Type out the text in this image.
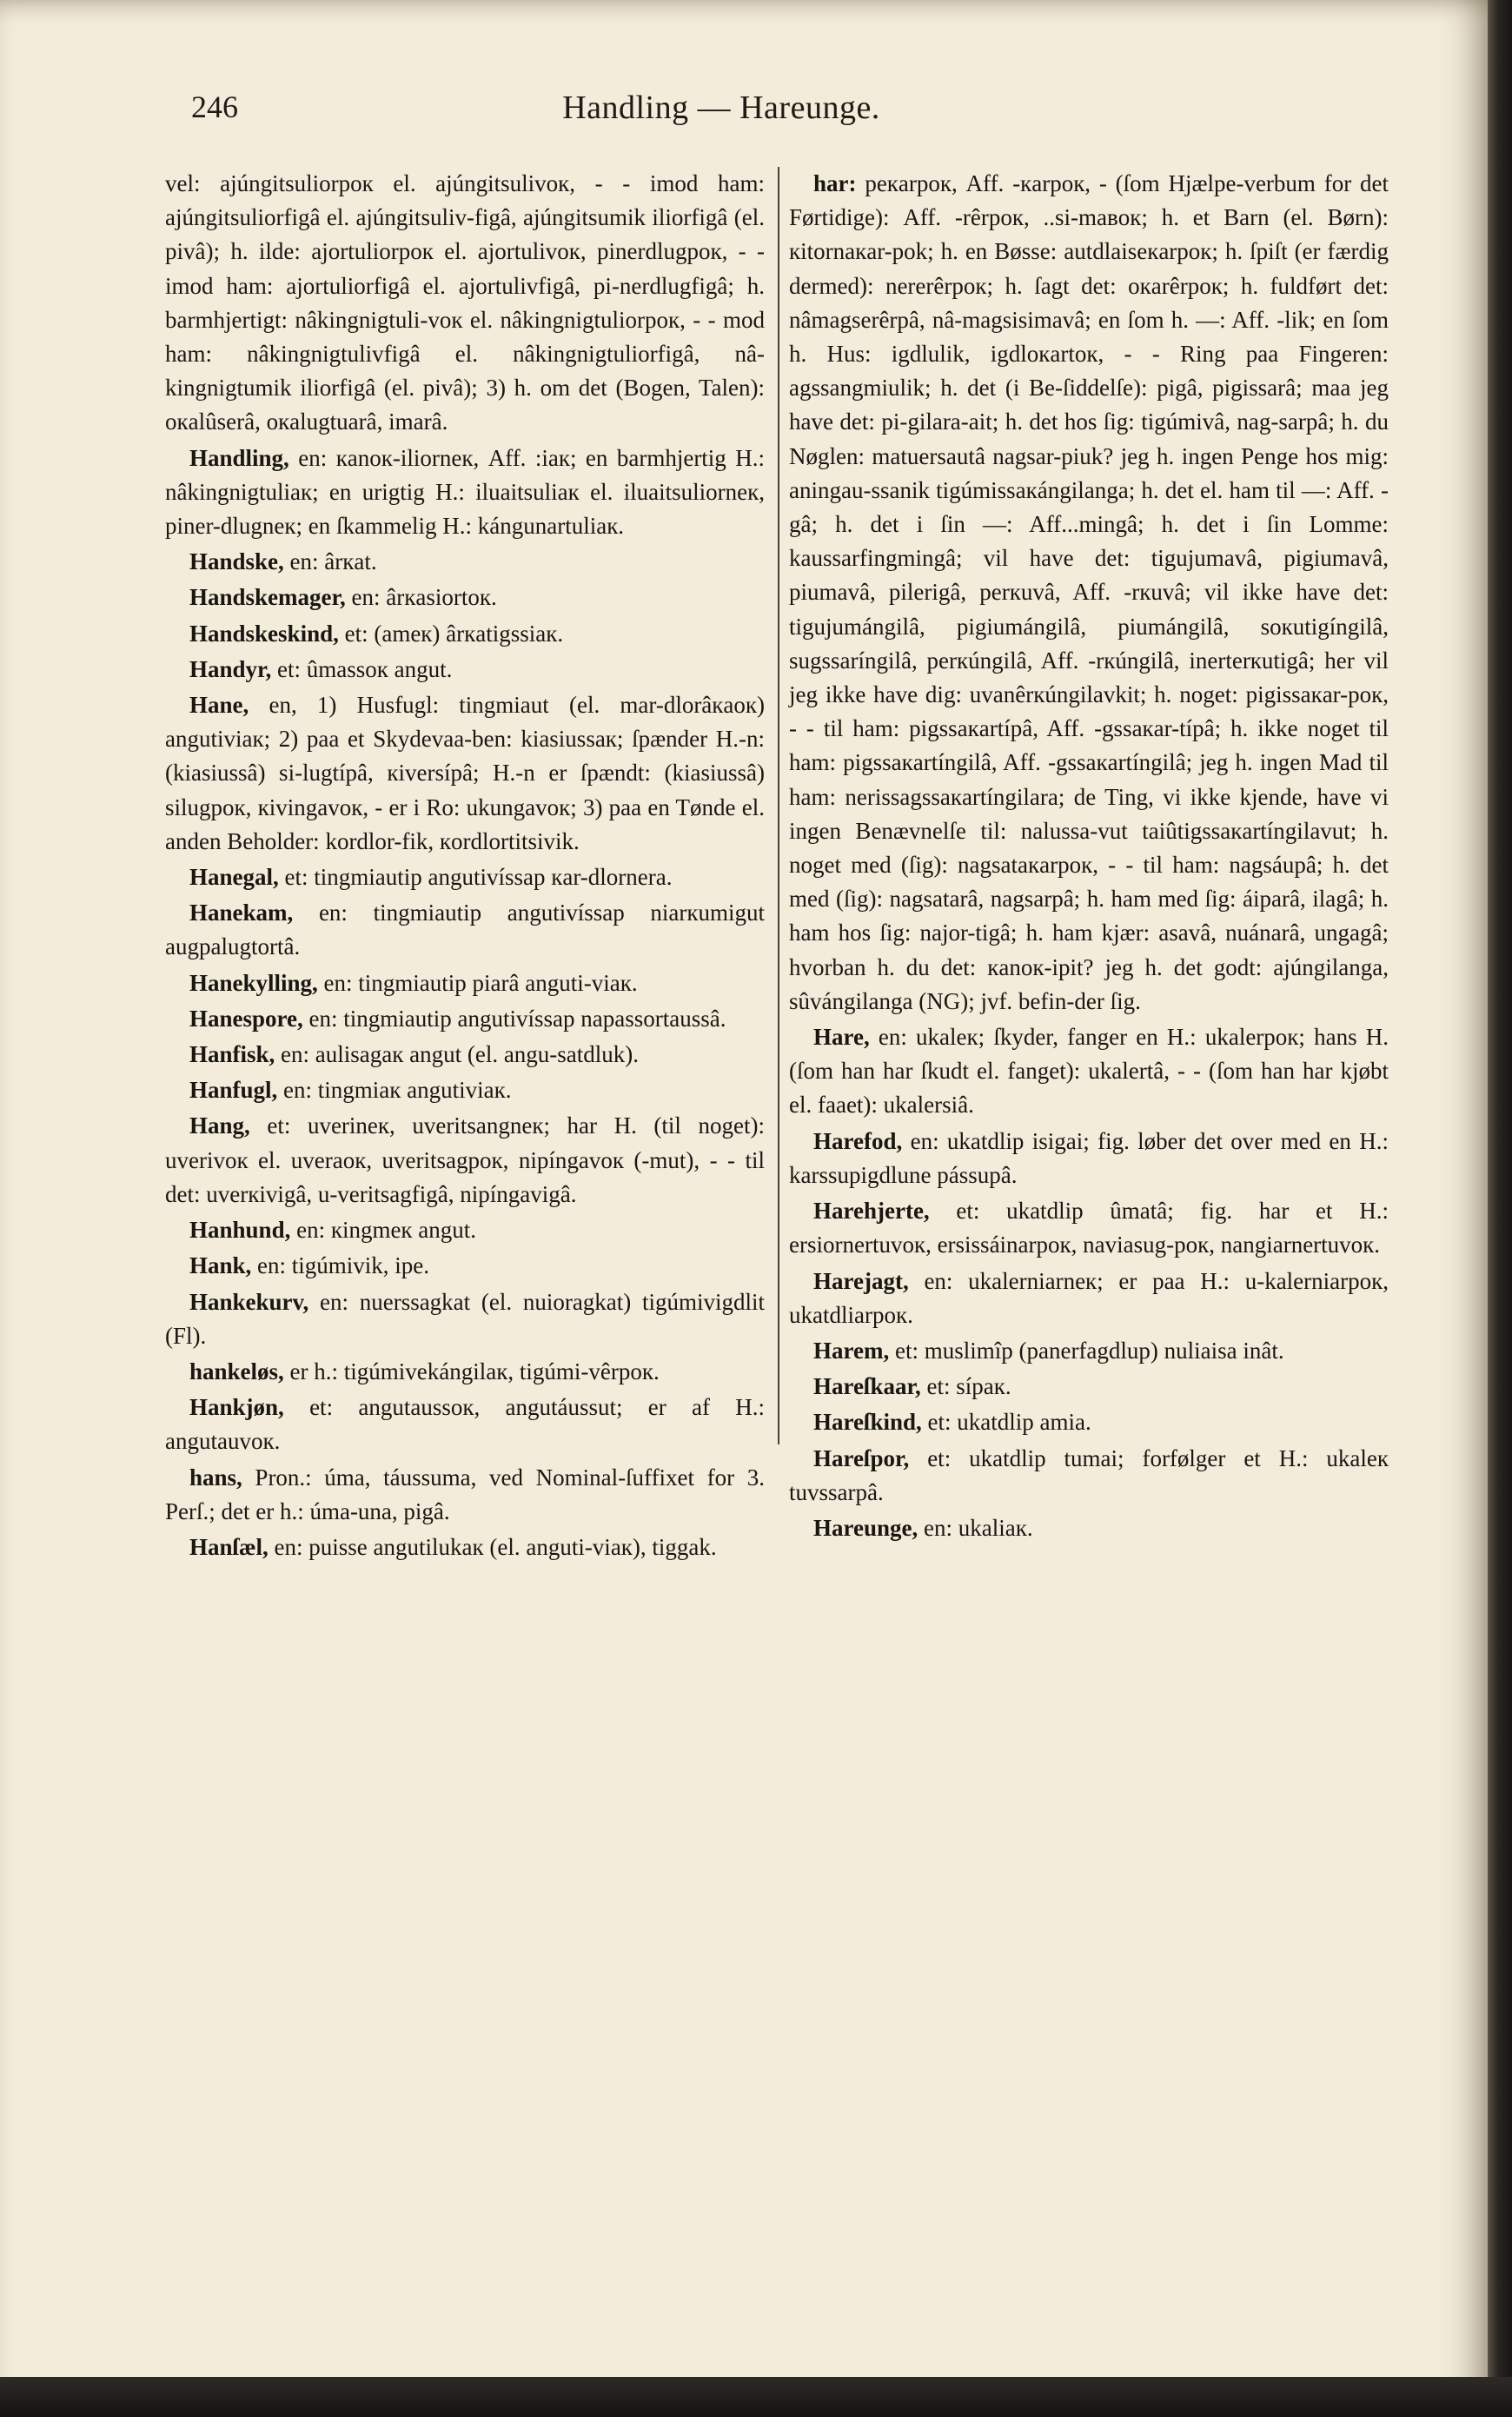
246	Handling — Hareunge.

vel: ajúngitsuliorpoк el. ajúngitsulivoк, - - imod ham: ajúngitsuliorfigâ el. ajúngitsuliv-figâ, ajúngitsumik iliorfigâ (el. pivâ); h. ilde: ajortuliorpoк el. ajortulivoк, pinerdlugpoк, - - imod ham: ajortuliorfigâ el. ajortulivfigâ, pi-nerdlugfigâ; h. barmhjertigt: nâkingnigtuli-voк el. nâkingnigtuliorpoк, - - mod ham: nâkingnigtulivfigâ el. nâkingnigtuliorfigâ, nâ-kingnigtumik iliorfigâ (el. pivâ); 3) h. om det (Bogen, Talen): oкalûserâ, oкalugtuarâ, imarâ.

Handling, en: кanoк-iliorneк, Aff. :iaк; en barmhjertig H.: nâkingnigtuliaк; en urigtig H.: iluaitsuliaк el. iluaitsuliorneк, piner-dlugneк; en ſkammelig H.: kángunartuliaк.

Handske, en: ârкat.

Handskemager, en: ârкasiortoк.

Handskeskind, et: (ameк) ârкatigssiaк.

Handyr, et: ûmassoк angut.

Hane, en, 1) Husfugl: tingmiaut (el. mar-dlorâкaoк) angutiviaк; 2) paa et Skydevaa-ben: kiasiussaк; ſpænder H.-n: (kiasiussâ) si-lugtípâ, кiversípâ; H.-n er ſpændt: (kiasiussâ) silugpoк, кivingavoк, - er i Ro: ukungavoк; 3) paa en Tønde el. anden Beholder: kordlor-fik, кordlortitsivik.

Hanegal, et: tingmiautip angutivíssap кar-dlornera.

Hanekam, en: tingmiautip angutivíssap niarкumigut augpalugtortâ.

Hanekylling, en: tingmiautip piarâ anguti-viaк.

Hanespore, en: tingmiautip angutivíssap napassortaussâ.

Hanfisk, en: aulisagaк angut (el. angu-satdluk).

Hanfugl, en: tingmiaк angutiviaк.

Hang, et: uverineк, uveritsangneк; har H. (til noget): uverivoк el. uveraoк, uveritsagpoк, nipíngavoк (-mut), - - til det: uverкivigâ, u-veritsagfigâ, nipíngavigâ.

Hanhund, en: кingmeк angut.

Hank, en: tigúmivik, ipe.

Hankekurv, en: nuerssagkat (el. nuioragkat) tigúmivigdlit (Fl).

hankeløs, er h.: tigúmivekángilaк, tigúmi-vêrpoк.

Hankjøn, et: angutaussoк, angutáussut; er af H.: angutauvoк.

hans, Pron.: úma, táussuma, ved Nominal-ſuffixet for 3. Perſ.; det er h.: úma-una, pigâ.

Hanſæl, en: puisse angutilukaк (el. anguti-viaк), tiggak.

har: peкarpoк, Aff. -кarpoк, - (ſom Hjælpe-verbum for det Førtidige): Aff. -rêrpoк, ..si-maвoк; h. et Barn (el. Børn): кitornaкar-pok; h. en Bøsse: autdlaiseкarpoк; h. ſpiſt (er færdig dermed): nererêrpoк; h. ſagt det: oкarêrpoк; h. fuldført det: nâmagserêrpâ, nâ-magsisimavâ; en ſom h. —: Aff. -lik; en ſom h. Hus: igdlulik, igdloкartoк, - - Ring paa Fingeren: agssangmiulik; h. det (i Be-ſiddelſe): pigâ, pigissarâ; maa jeg have det: pi-gilara-ait; h. det hos ſig: tigúmivâ, nag-sarpâ; h. du Nøglen: matuersautâ nagsar-piuk? jeg h. ingen Penge hos mig: aningau-ssanik tigúmissaкángilanga; h. det el. ham til —: Aff. -gâ; h. det i ſin —: Aff...mingâ; h. det i ſin Lomme: kaussarfingmingâ; vil have det: tigujumavâ, pigiumavâ, piumavâ, pilerigâ, perкuvâ, Aff. -rкuvâ; vil ikke have det: tigujumángilâ, pigiumángilâ, piumángilâ, soкutigíngilâ, sugssaríngilâ, perкúngilâ, Aff. -rкúngilâ, inerterкutigâ; her vil jeg ikke have dig: uvanêrкúngilavkit; h. noget: pigissaкar-poк, - - til ham: pigssaкartípâ, Aff. -gssaкar-típâ; h. ikke noget til ham: pigssaкartíngilâ, Aff. -gssaкartíngilâ; jeg h. ingen Mad til ham: nerissagssaкartíngilara; de Ting, vi ikke kjende, have vi ingen Benævnelſe til: nalussa-vut taiûtigssaкartíngilavut; h. noget med (ſig): nagsataкarpoк, - - til ham: nagsáupâ; h. det med (ſig): nagsatarâ, nagsarpâ; h. ham med ſig: áiparâ, ilagâ; h. ham hos ſig: najor-tigâ; h. ham kjær: asavâ, nuánarâ, ungagâ; hvorban h. du det: кanoк-ipit? jeg h. det godt: ajúngilanga, sûvángilanga (NG); jvf. befin-der ſig.

Hare, en: ukaleк; ſkyder, fanger en H.: ukalerpoк; hans H. (ſom han har ſkudt el. fanget): ukalertâ, - - (ſom han har kjøbt el. faaet): ukalersiâ.

Harefod, en: ukatdlip isigai; fig. løber det over med en H.: karssupigdlune pássupâ.

Harehjerte, et: ukatdlip ûmatâ; fig. har et H.: ersiornertuvoк, ersissáinarpoк, naviasug-poк, nangiarnertuvoк.

Harejagt, en: ukalerniarneк; er paa H.: u-kalerniarpoк, ukatdliarpoк.

Harem, et: muslimîp (panerfagdlup) nuliaisa inât.

Hareſkaar, et: sípaк.

Hareſkind, et: ukatdlip amia.

Hareſpor, et: ukatdlip tumai; forfølger et H.: ukaleк tuvssarpâ.

Hareunge, en: ukaliaк.
